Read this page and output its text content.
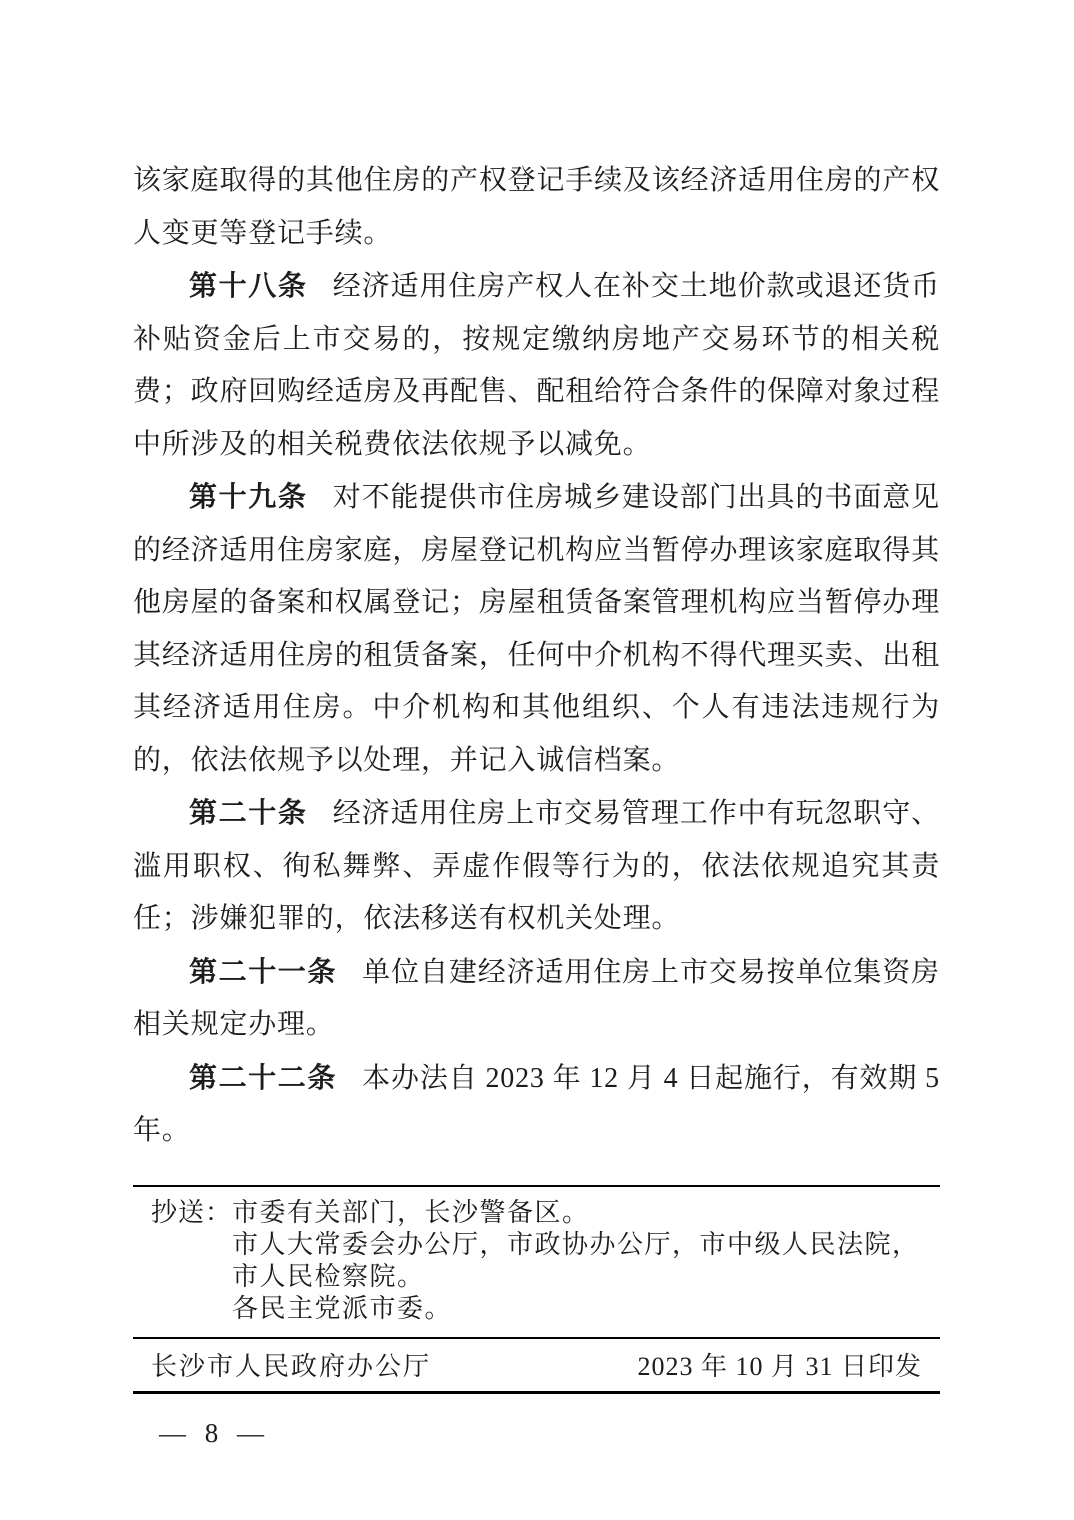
该家庭取得的其他住房的产权登记手续及该经济适用住房的产权人变更等登记手续。

第十八条 经济适用住房产权人在补交土地价款或退还货币补贴资金后上市交易的，按规定缴纳房地产交易环节的相关税费；政府回购经适房及再配售、配租给符合条件的保障对象过程中所涉及的相关税费依法依规予以减免。

第十九条 对不能提供市住房城乡建设部门出具的书面意见的经济适用住房家庭，房屋登记机构应当暂停办理该家庭取得其他房屋的备案和权属登记；房屋租赁备案管理机构应当暂停办理其经济适用住房的租赁备案，任何中介机构不得代理买卖、出租其经济适用住房。中介机构和其他组织、个人有违法违规行为的，依法依规予以处理，并记入诚信档案。

第二十条 经济适用住房上市交易管理工作中有玩忽职守、滥用职权、徇私舞弊、弄虚作假等行为的，依法依规追究其责任；涉嫌犯罪的，依法移送有权机关处理。

第二十一条 单位自建经济适用住房上市交易按单位集资房相关规定办理。

第二十二条 本办法自 2023 年 12 月 4 日起施行，有效期 5 年。

抄送： 市委有关部门，长沙警备区。
市人大常委会办公厅，市政协办公厅，市中级人民法院，
市人民检察院。
各民主党派市委。
长沙市人民政府办公厅	2023 年 10 月 31 日印发
— 8 —
